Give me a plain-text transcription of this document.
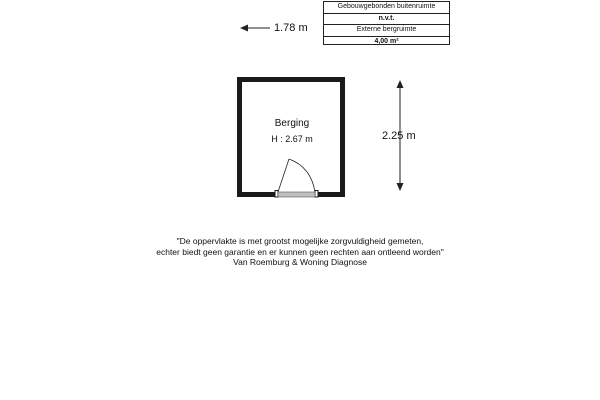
Gebouwgebonden buitenruimte
n.v.t.
Externe bergruimte
4,00 m²
Berging
H : 2.67 m
1.78 m
2.25 m
"De oppervlakte is met grootst mogelijke zorgvuldigheid gemeten,
echter biedt geen garantie en er kunnen geen rechten aan ontleend worden"
Van Roemburg & Woning Diagnose
